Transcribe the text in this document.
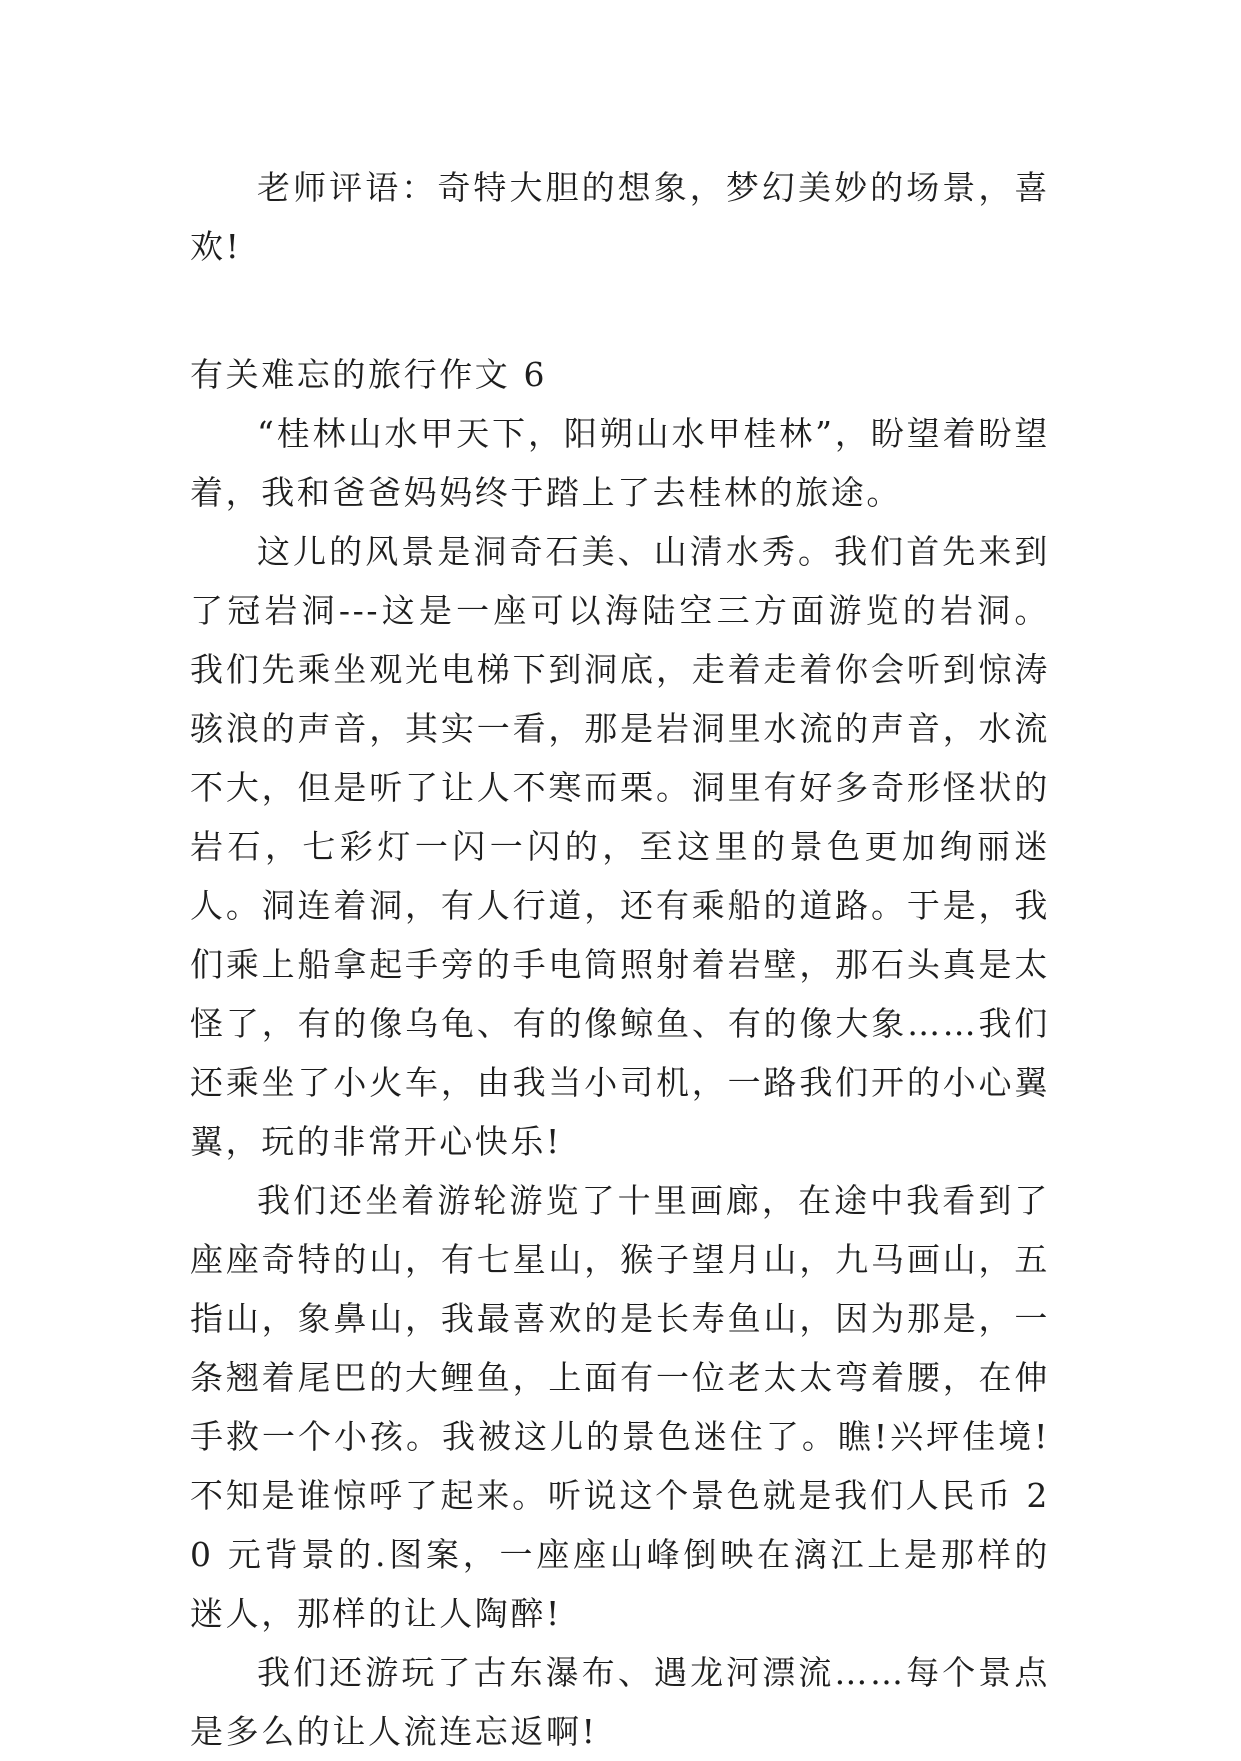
老师评语：奇特大胆的想象，梦幻美妙的场景，喜欢!

有关难忘的旅行作文 6

“桂林山水甲天下，阳朔山水甲桂林”，盼望着盼望着，我和爸爸妈妈终于踏上了去桂林的旅途。

这儿的风景是洞奇石美、山清水秀。我们首先来到了冠岩洞---这是一座可以海陆空三方面游览的岩洞。我们先乘坐观光电梯下到洞底，走着走着你会听到惊涛骇浪的声音，其实一看，那是岩洞里水流的声音，水流不大，但是听了让人不寒而栗。洞里有好多奇形怪状的岩石，七彩灯一闪一闪的，至这里的景色更加绚丽迷人。洞连着洞，有人行道，还有乘船的道路。于是，我们乘上船拿起手旁的手电筒照射着岩壁，那石头真是太怪了，有的像乌龟、有的像鲸鱼、有的像大象……我们还乘坐了小火车，由我当小司机，一路我们开的小心翼翼，玩的非常开心快乐!

我们还坐着游轮游览了十里画廊，在途中我看到了座座奇特的山，有七星山，猴子望月山，九马画山，五指山，象鼻山，我最喜欢的是长寿鱼山，因为那是，一条翘着尾巴的大鲤鱼，上面有一位老太太弯着腰，在伸手救一个小孩。我被这儿的景色迷住了。瞧!兴坪佳境!不知是谁惊呼了起来。听说这个景色就是我们人民币 20 元背景的.图案，一座座山峰倒映在漓江上是那样的迷人，那样的让人陶醉!

我们还游玩了古东瀑布、遇龙河漂流……每个景点是多么的让人流连忘返啊!
